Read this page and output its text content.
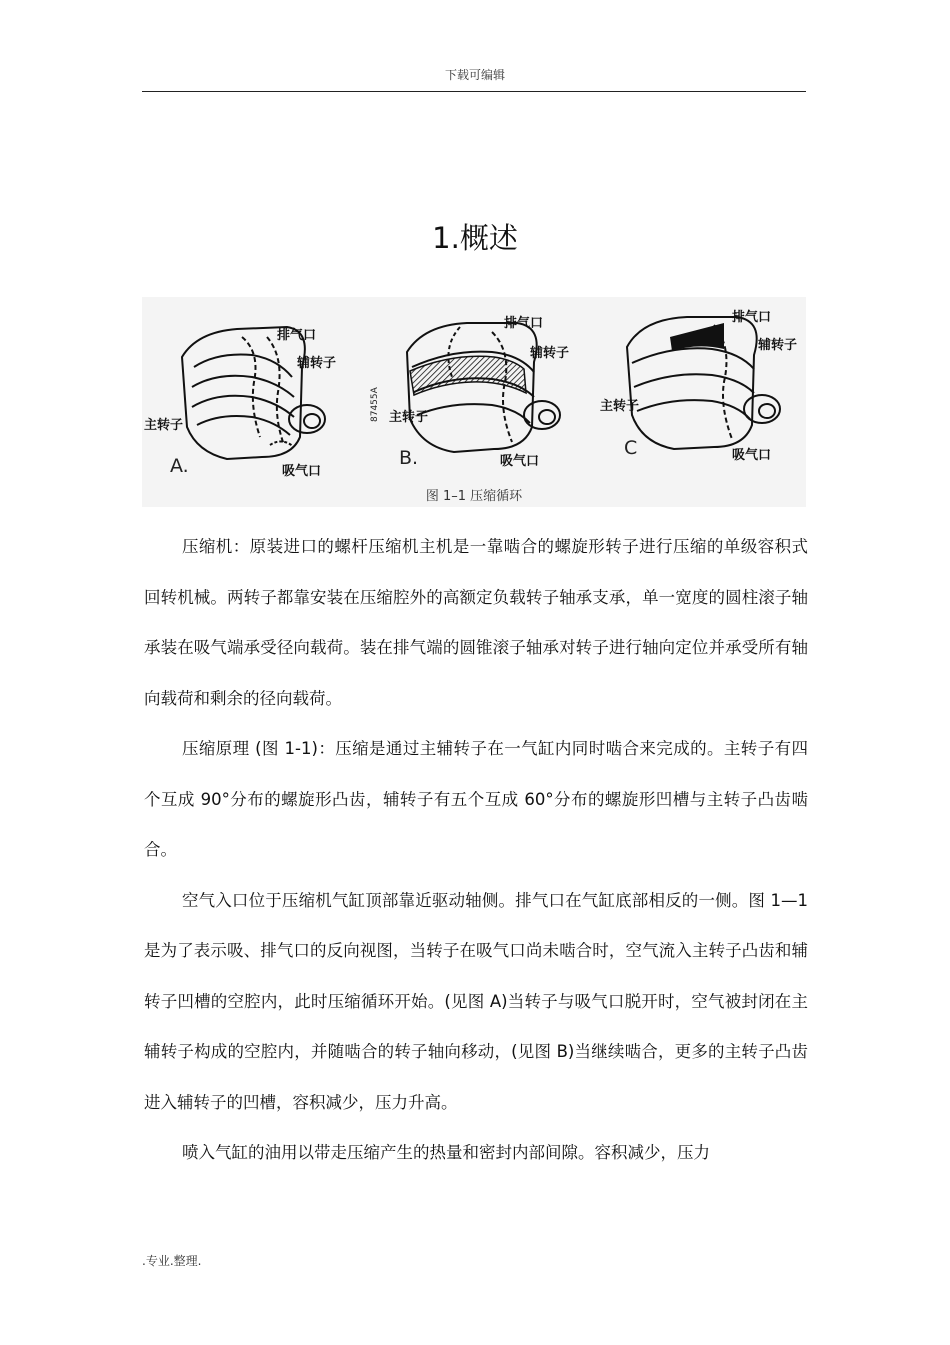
下载可编辑
1.概述
A.
排气口
辅转子
主转子
吸气口
87455A
B.
排气口
辅转子
主转子
吸气口
C
排气口
辅转子
主转子
吸气口
图 1–1 压缩循环

压缩机：原装进口的螺杆压缩机主机是一靠啮合的螺旋形转子进行压缩的单级容积式回转机械。两转子都靠安装在压缩腔外的高额定负载转子轴承支承，单一宽度的圆柱滚子轴承装在吸气端承受径向载荷。装在排气端的圆锥滚子轴承对转子进行轴向定位并承受所有轴向载荷和剩余的径向载荷。

压缩原理 (图 1-1)：压缩是通过主辅转子在一气缸内同时啮合来完成的。主转子有四个互成 90°分布的螺旋形凸齿，辅转子有五个互成 60°分布的螺旋形凹槽与主转子凸齿啮合。

空气入口位于压缩机气缸顶部靠近驱动轴侧。排气口在气缸底部相反的一侧。图 1—1 是为了表示吸、排气口的反向视图，当转子在吸气口尚未啮合时，空气流入主转子凸齿和辅转子凹槽的空腔内，此时压缩循环开始。(见图 A)当转子与吸气口脱开时，空气被封闭在主辅转子构成的空腔内，并随啮合的转子轴向移动，(见图 B)当继续啮合，更多的主转子凸齿进入辅转子的凹槽，容积减少，压力升高。

喷入气缸的油用以带走压缩产生的热量和密封内部间隙。容积减少，压力

.专业.整理.
